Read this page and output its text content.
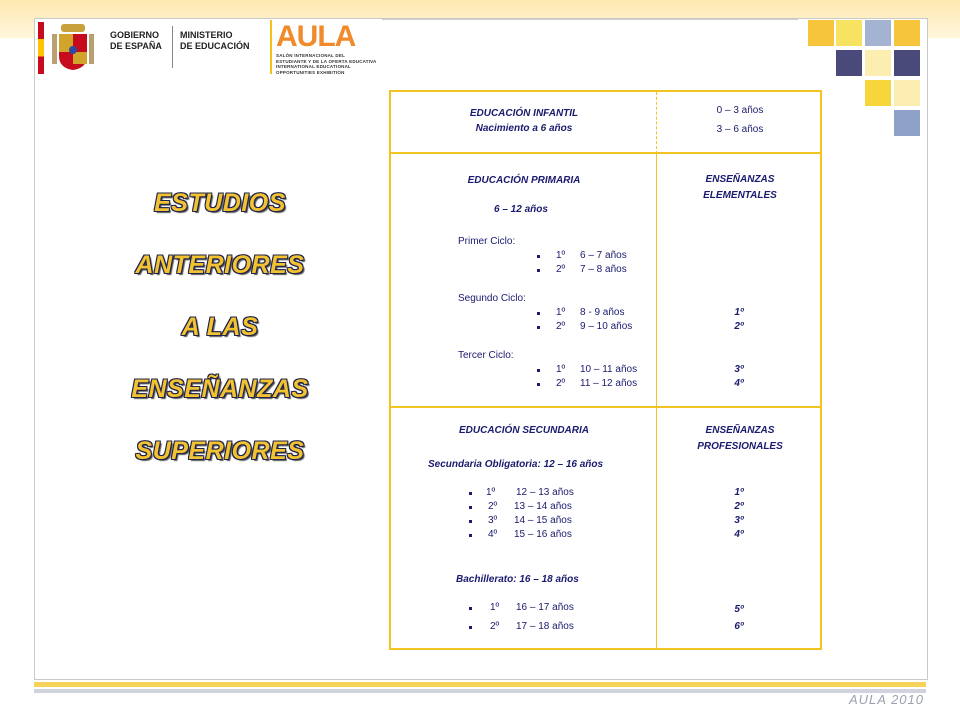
GOBIERNO
DE ESPAÑA
MINISTERIO
DE EDUCACIÓN AULA
SALÓN INTERNACIONAL DEL
ESTUDIANTE Y DE LA OFERTA EDUCATIVA
INTERNATIONAL EDUCATIONAL
OPPORTUNITIES EXHIBITION
ESTUDIOS
ANTERIORES
A LAS
ENSEÑANZAS
SUPERIORES
EDUCACIÓN INFANTIL
Nacimiento a 6 años
0 – 3 años
3 – 6 años
EDUCACIÓN PRIMARIA
6 – 12 años
ENSEÑANZAS
ELEMENTALES
Primer Ciclo:
1º 6 – 7 años
2º 7 – 8 años
Segundo Ciclo:
1º 8 - 9 años	1º
2º 9 – 10 años	2º
Tercer Ciclo:
1º 10 – 11 años	3º
2º 11 – 12 años	4º
EDUCACIÓN SECUNDARIA	ENSEÑANZAS
PROFESIONALES
Secundaria Obligatoria: 12 – 16 años
1º 12 – 13 años	1º
2º 13 – 14 años	2º
3º 14 – 15 años	3º
4º 15 – 16 años	4º
Bachillerato: 16 – 18 años
1º 16 – 17 años	5º
2º 17 – 18 años	6º
AULA 2010
